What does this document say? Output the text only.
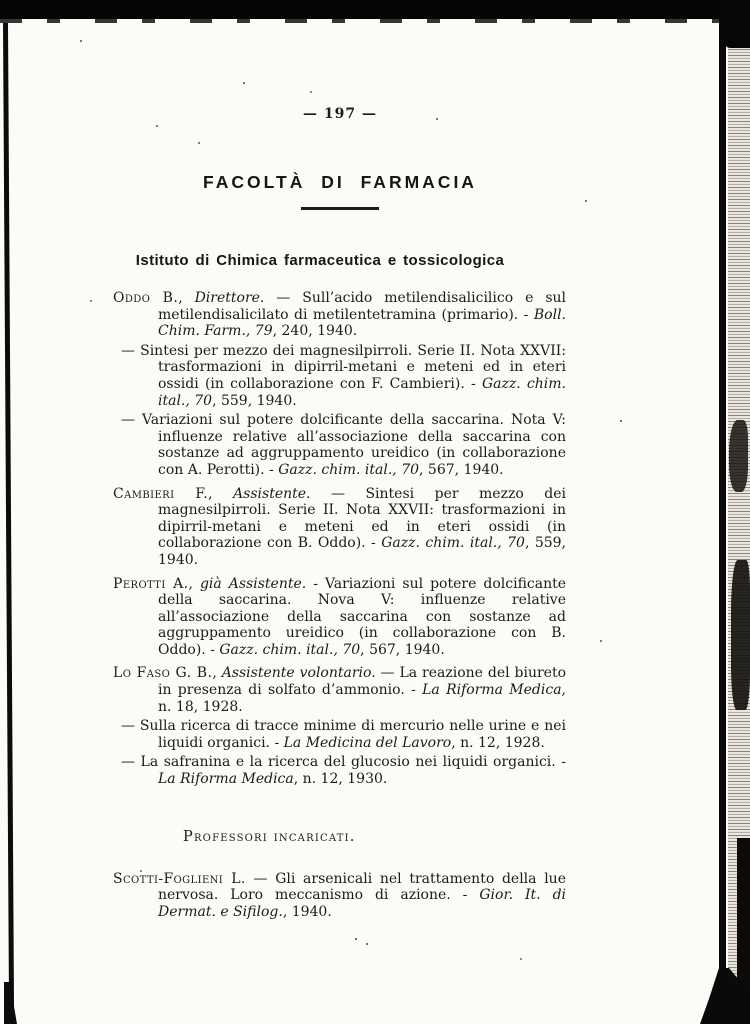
— 197 —
FACOLTÀ DI FARMACIA
Istituto di Chimica farmaceutica e tossicologica

Oddo B., Direttore. — Sull’acido metilendisalicilico e sul metilendisalicilato di metilentetramina (primario). - Boll. Chim. Farm., 79, 240, 1940.

— Sintesi per mezzo dei magnesilpirroli. Serie II. Nota XXVII: trasformazioni in dipirril-metani e meteni ed in eteri ossidi (in collaborazione con F. Cambieri). - Gazz. chim. ital., 70, 559, 1940.

— Variazioni sul potere dolcificante della saccarina. Nota V: influenze relative all’associazione della saccarina con sostanze ad aggruppamento ureidico (in collaborazione con A. Perotti). - Gazz. chim. ital., 70, 567, 1940.

Cambieri F., Assistente. — Sintesi per mezzo dei magnesilpirroli. Serie II. Nota XXVII: trasformazioni in dipirril-metani e meteni ed in eteri ossidi (in collaborazione con B. Oddo). - Gazz. chim. ital., 70, 559, 1940.

Perotti A., già Assistente. - Variazioni sul potere dolcificante della saccarina. Nova V: influenze relative all’associazione della saccarina con sostanze ad aggruppamento ureidico (in collaborazione con B. Oddo). - Gazz. chim. ital., 70, 567, 1940.

Lo Faso G. B., Assistente volontario. — La reazione del biureto in presenza di solfato d’ammonio. - La Riforma Medica, n. 18, 1928.

— Sulla ricerca di tracce minime di mercurio nelle urine e nei liquidi organici. - La Medicina del Lavoro, n. 12, 1928.

— La safranina e la ricerca del glucosio nei liquidi organici. - La Riforma Medica, n. 12, 1930.

Professori incaricati.

Scotti-Foglieni L. — Gli arsenicali nel trattamento della lue nervosa. Loro meccanismo di azione. - Gior. It. di Dermat. e Sifilog., 1940.
